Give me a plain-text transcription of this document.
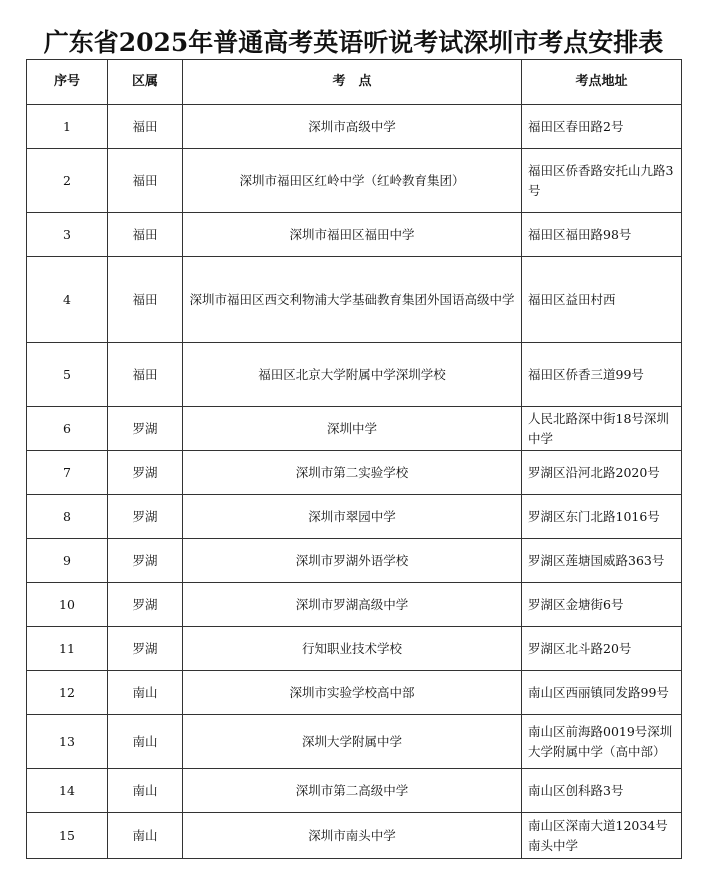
广东省2025年普通高考英语听说考试深圳市考点安排表
序号	区属	考　点	考点地址
1	福田	深圳市高级中学	福田区春田路2号
2	福田	深圳市福田区红岭中学（红岭教育集团）	福田区侨香路安托山九路3号
3	福田	深圳市福田区福田中学	福田区福田路98号
4	福田	深圳市福田区西交利物浦大学基础教育集团外国语高级中学	福田区益田村西
5	福田	福田区北京大学附属中学深圳学校	福田区侨香三道99号
6	罗湖	深圳中学	人民北路深中街18号深圳中学
7	罗湖	深圳市第二实验学校	罗湖区沿河北路2020号
8	罗湖	深圳市翠园中学	罗湖区东门北路1016号
9	罗湖	深圳市罗湖外语学校	罗湖区莲塘国威路363号
10	罗湖	深圳市罗湖高级中学	罗湖区金塘街6号
11	罗湖	行知职业技术学校	罗湖区北斗路20号
12	南山	深圳市实验学校高中部	南山区西丽镇同发路99号
13	南山	深圳大学附属中学	南山区前海路0019号深圳大学附属中学（高中部）
14	南山	深圳市第二高级中学	南山区创科路3号
15	南山	深圳市南头中学	南山区深南大道12034号南头中学
